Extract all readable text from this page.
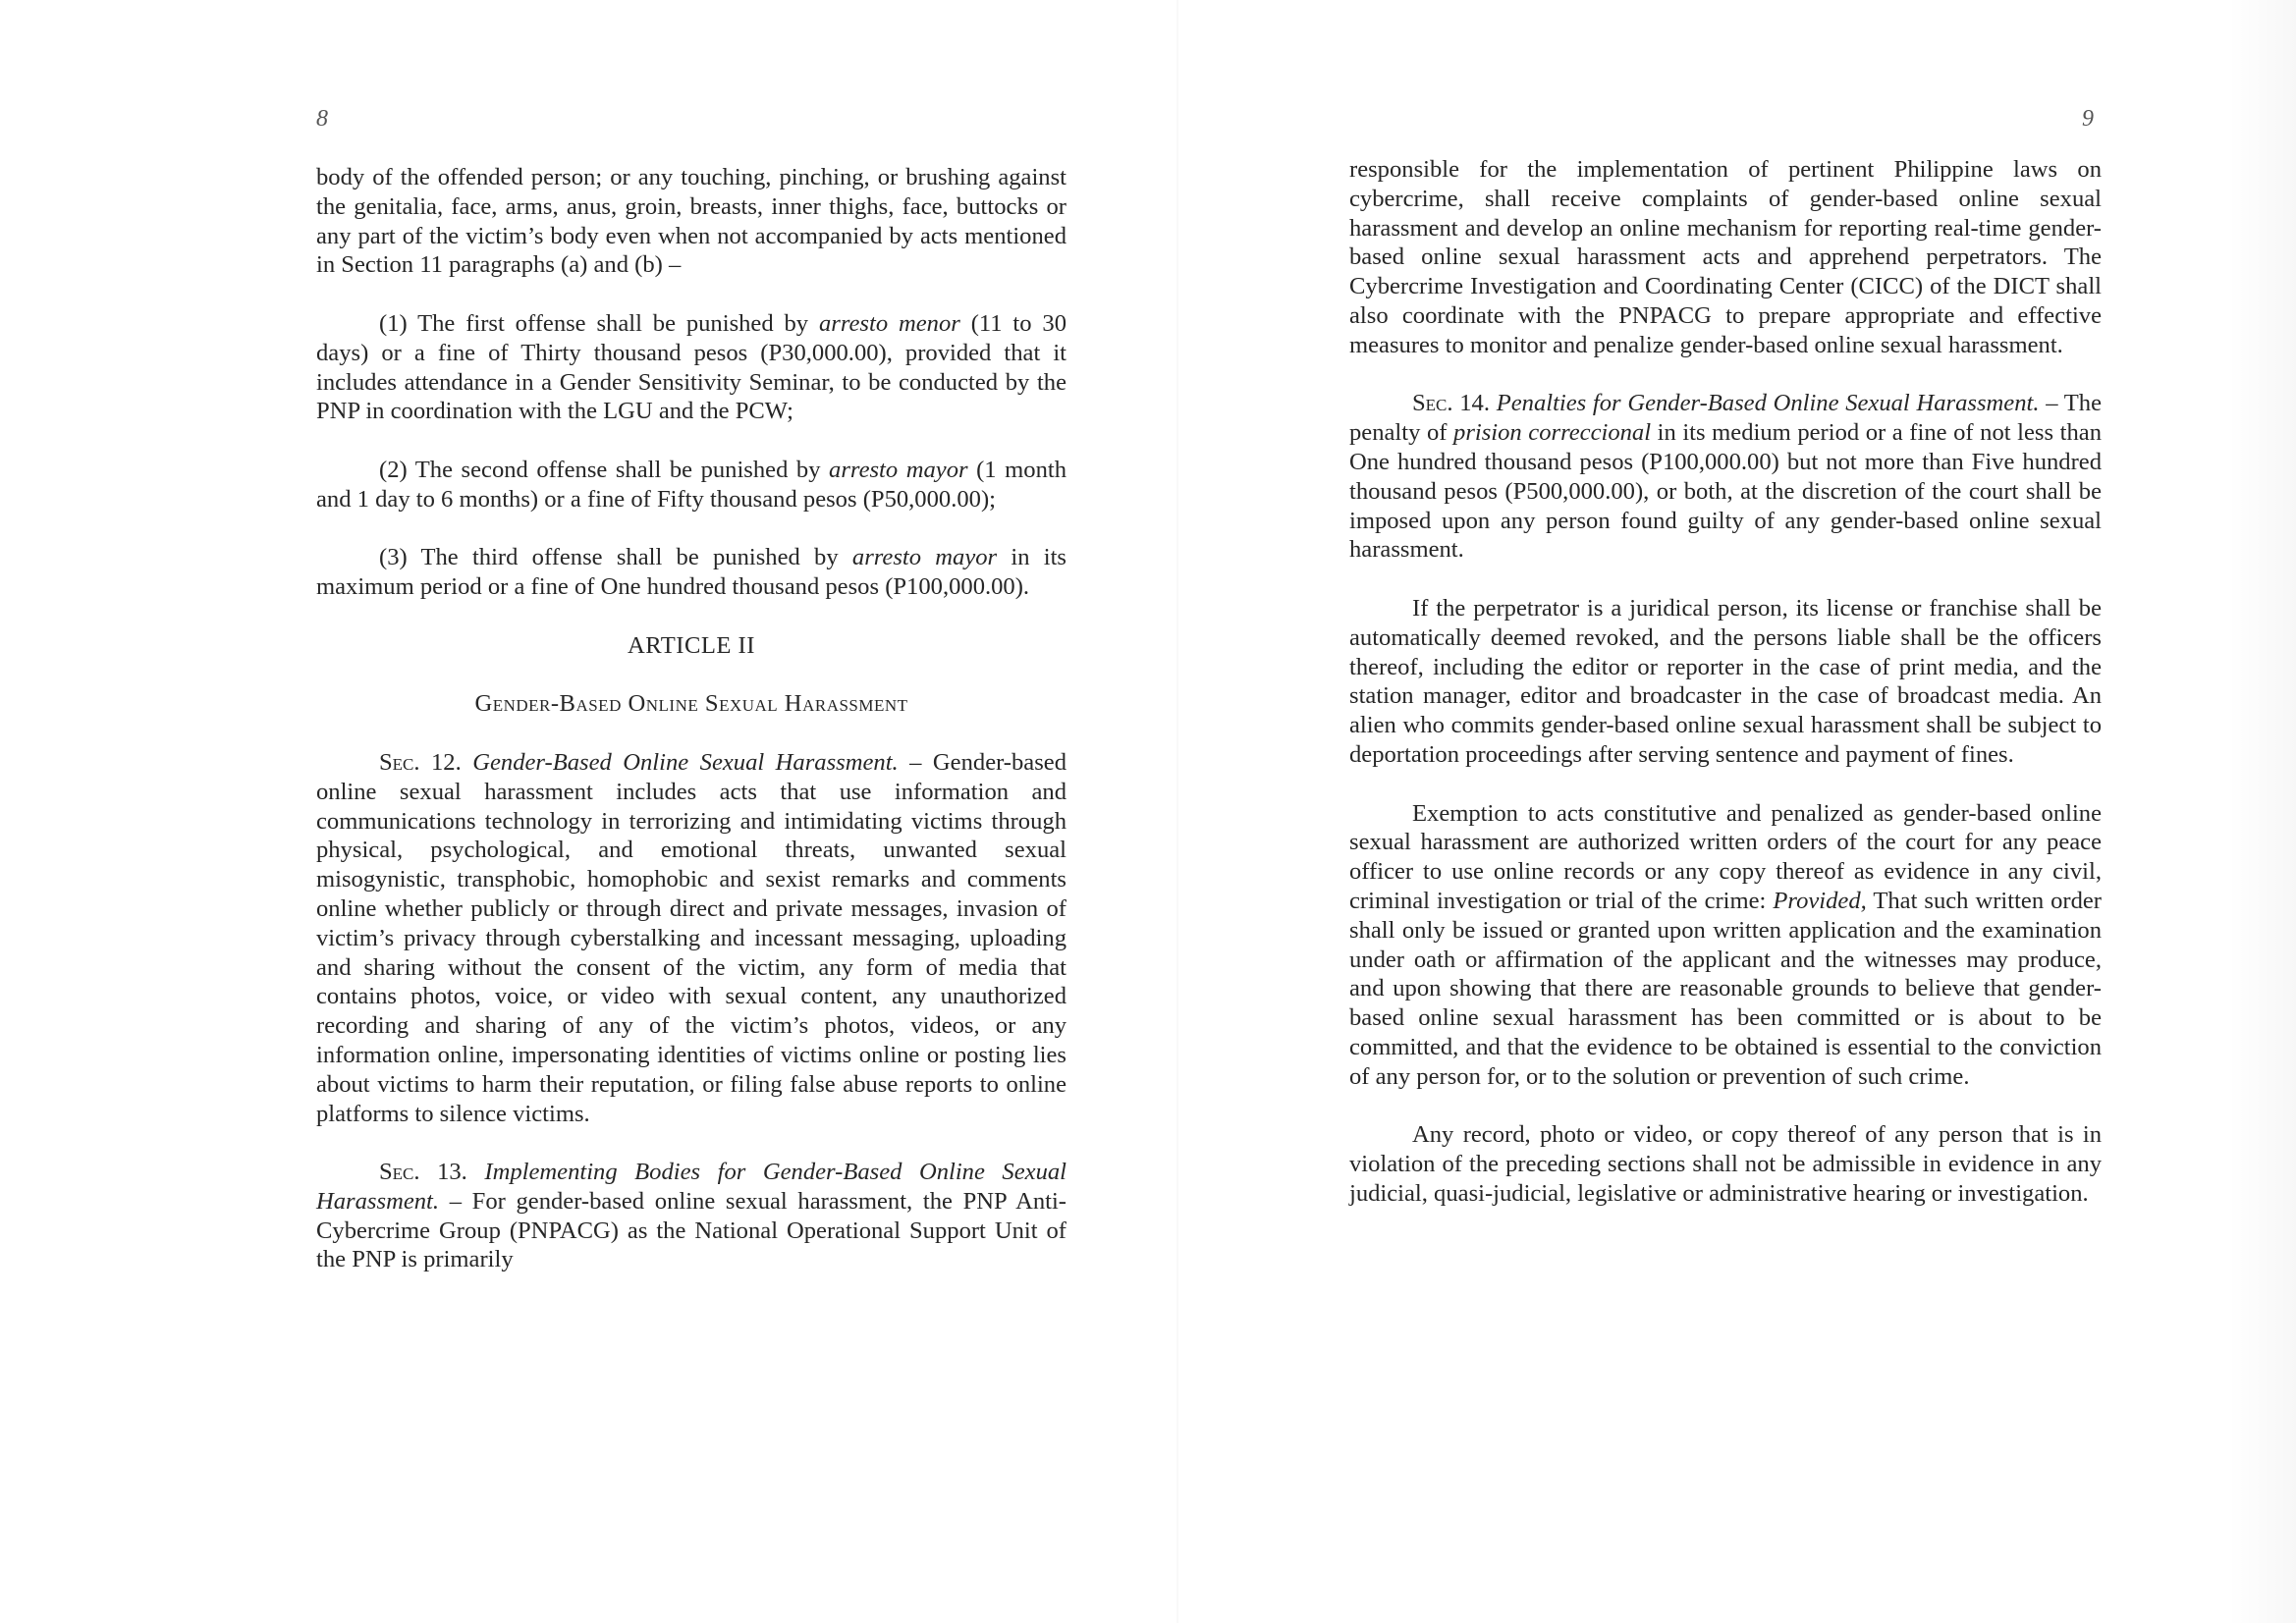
8

body of the offended person; or any touching, pinching, or brushing against the genitalia, face, arms, anus, groin, breasts, inner thighs, face, buttocks or any part of the victim’s body even when not accompanied by acts mentioned in Section 11 paragraphs (a) and (b) –

(1) The first offense shall be punished by arresto menor (11 to 30 days) or a fine of Thirty thousand pesos (P30,000.00), provided that it includes attendance in a Gender Sensitivity Seminar, to be conducted by the PNP in coordination with the LGU and the PCW;

(2) The second offense shall be punished by arresto mayor (1 month and 1 day to 6 months) or a fine of Fifty thousand pesos (P50,000.00);

(3) The third offense shall be punished by arresto mayor in its maximum period or a fine of One hundred thousand pesos (P100,000.00).

ARTICLE II

Gender-Based Online Sexual Harassment

Sec. 12. Gender-Based Online Sexual Harassment. – Gender-based online sexual harassment includes acts that use information and communications technology in terrorizing and intimidating victims through physical, psychological, and emotional threats, unwanted sexual misogynistic, transphobic, homophobic and sexist remarks and comments online whether publicly or through direct and private messages, invasion of victim’s privacy through cyberstalking and incessant messaging, uploading and sharing without the consent of the victim, any form of media that contains photos, voice, or video with sexual content, any unauthorized recording and sharing of any of the victim’s photos, videos, or any information online, impersonating identities of victims online or posting lies about victims to harm their reputation, or filing false abuse reports to online platforms to silence victims.

Sec. 13. Implementing Bodies for Gender-Based Online Sexual Harassment. – For gender-based online sexual harassment, the PNP Anti-Cybercrime Group (PNPACG) as the National Operational Support Unit of the PNP is primarily

9

responsible for the implementation of pertinent Philippine laws on cybercrime, shall receive complaints of gender-based online sexual harassment and develop an online mechanism for reporting real-time gender-based online sexual harassment acts and apprehend perpetrators. The Cybercrime Investigation and Coordinating Center (CICC) of the DICT shall also coordinate with the PNPACG to prepare appropriate and effective measures to monitor and penalize gender-based online sexual harassment.

Sec. 14. Penalties for Gender-Based Online Sexual Harassment. – The penalty of prision correccional in its medium period or a fine of not less than One hundred thousand pesos (P100,000.00) but not more than Five hundred thousand pesos (P500,000.00), or both, at the discretion of the court shall be imposed upon any person found guilty of any gender-based online sexual harassment.

If the perpetrator is a juridical person, its license or franchise shall be automatically deemed revoked, and the persons liable shall be the officers thereof, including the editor or reporter in the case of print media, and the station manager, editor and broadcaster in the case of broadcast media. An alien who commits gender-based online sexual harassment shall be subject to deportation proceedings after serving sentence and payment of fines.

Exemption to acts constitutive and penalized as gender-based online sexual harassment are authorized written orders of the court for any peace officer to use online records or any copy thereof as evidence in any civil, criminal investigation or trial of the crime: Provided, That such written order shall only be issued or granted upon written application and the examination under oath or affirmation of the applicant and the witnesses may produce, and upon showing that there are reasonable grounds to believe that gender-based online sexual harassment has been committed or is about to be committed, and that the evidence to be obtained is essential to the conviction of any person for, or to the solution or prevention of such crime.

Any record, photo or video, or copy thereof of any person that is in violation of the preceding sections shall not be admissible in evidence in any judicial, quasi-judicial, legislative or administrative hearing or investigation.
